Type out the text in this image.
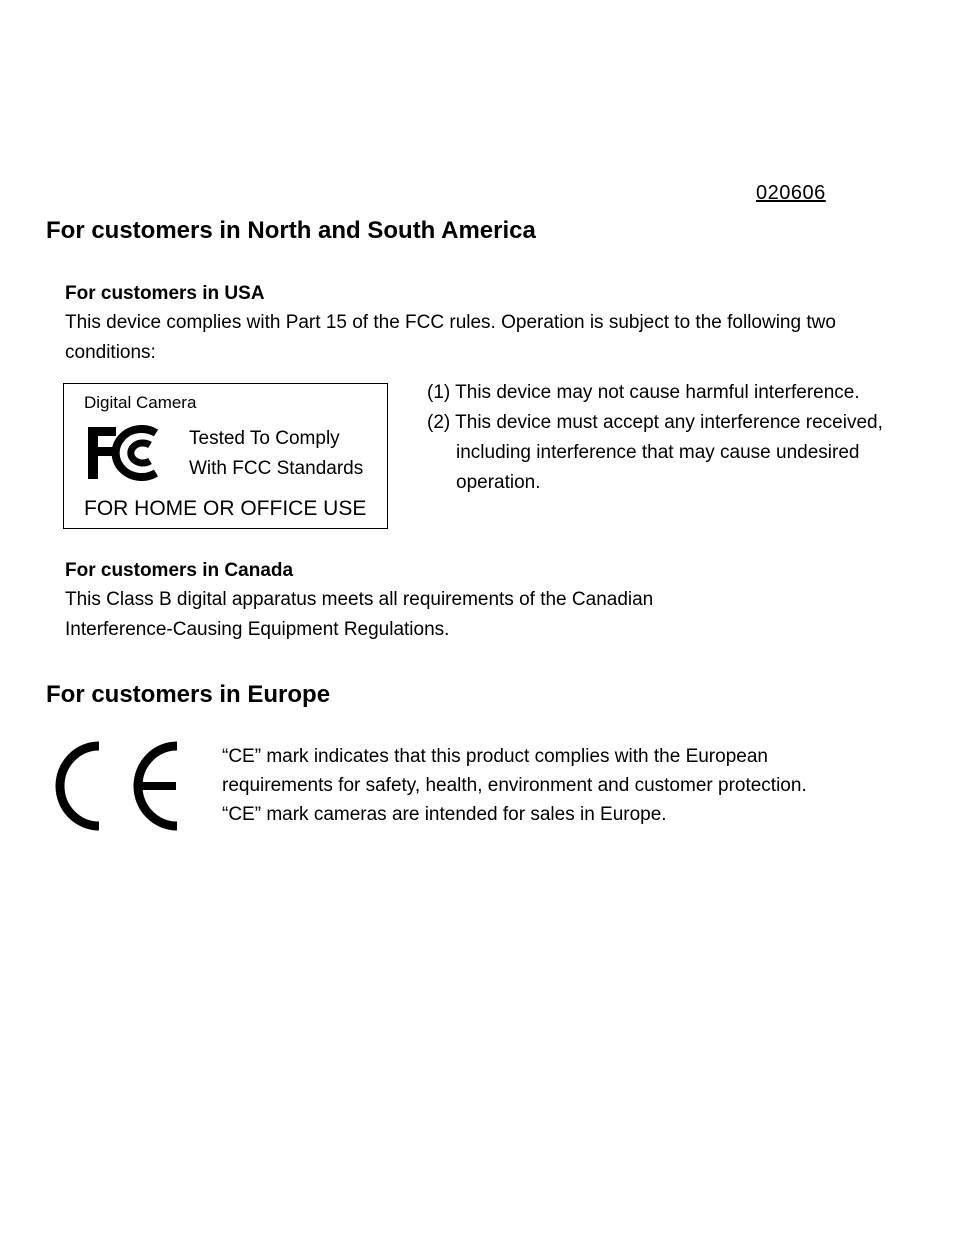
020606
For customers in North and South America
For customers in USA

This device complies with Part 15 of the FCC rules. Operation is subject to the following two conditions:

Digital Camera
Tested To Comply
With FCC Standards
FOR HOME OR OFFICE USE
(1) This device may not cause harmful interference.
(2) This device must accept any interference received, including interference that may cause undesired operation.
For customers in Canada

This Class B digital apparatus meets all requirements of the Canadian

Interference-Causing Equipment Regulations.

For customers in Europe
“CE” mark indicates that this product complies with the European
requirements for safety, health, environment and customer protection.
“CE” mark cameras are intended for sales in Europe.
